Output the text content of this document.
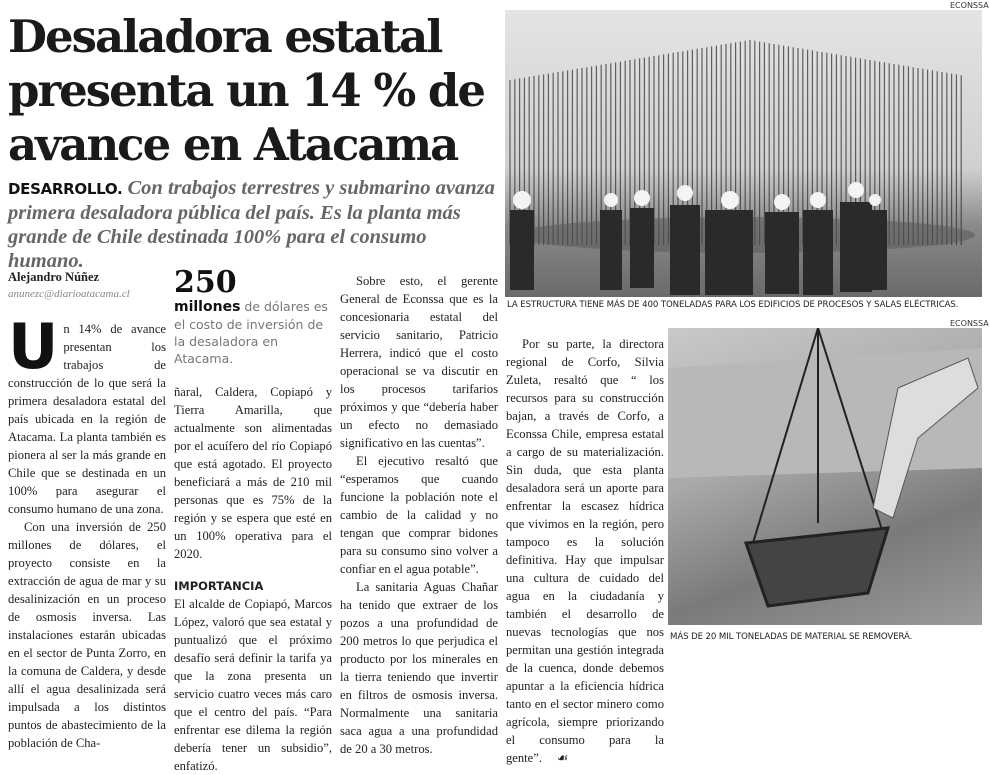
Desaladora estatal presenta un 14 % de avance en Atacama
DESARROLLO. Con trabajos terrestres y submarino avanza primera desaladora pública del país. Es la planta más grande de Chile destinada 100% para el consumo humano.
Alejandro Núñez
anunezc@diarioatacama.cl

Un 14% de avance presentan los trabajos de construcción de lo que será la primera desaladora estatal del país ubicada en la región de Atacama. La planta también es pionera al ser la más grande en Chile que se destinada en un 100% para asegurar el consumo humano de una zona.

Con una inversión de 250 millones de dólares, el proyecto consiste en la extracción de agua de mar y su desalinización en un proceso de osmosis inversa. Las instalaciones estarán ubicadas en el sector de Punta Zorro, en la comuna de Caldera, y desde allí el agua desalinizada será impulsada a los distintos puntos de abastecimiento de la población de Cha-

250
millones de dólares es el costo de inversión de la desaladora en Atacama.

ñaral, Caldera, Copiapó y Tierra Amarilla, que actualmente son alimentadas por el acuífero del río Copiapó que está agotado. El proyecto beneficiará a más de 210 mil personas que es 75% de la región y se espera que esté en un 100% operativa para el 2020.

IMPORTANCIA

El alcalde de Copiapó, Marcos López, valoró que sea estatal y puntualizó que el próximo desafío será definir la tarifa ya que la zona presenta un servicio cuatro veces más caro que el centro del país. “Para enfrentar ese dilema la región debería tener un subsidio”, enfatizó.

Sobre esto, el gerente General de Econssa que es la concesionaria estatal del servicio sanitario, Patricio Herrera, indicó que el costo operacional se va discutir en los procesos tarifarios próximos y que “debería haber un efecto no demasiado significativo en las cuentas”.

El ejecutivo resaltó que “esperamos que cuando funcione la población note el cambio de la calidad y no tengan que comprar bidones para su consumo sino volver a confiar en el agua potable”.

La sanitaria Aguas Chañar ha tenido que extraer de los pozos a una profundidad de 200 metros lo que perjudica el producto por los minerales en la tierra teniendo que invertir en filtros de osmosis inversa. Normalmente una sanitaria saca agua a una profundidad de 20 a 30 metros.

Por su parte, la directora regional de Corfo, Silvia Zuleta, resaltó que “ los recursos para su construcción bajan, a través de Corfo, a Econssa Chile, empresa estatal a cargo de su materialización. Sin duda, que esta planta desaladora será un aporte para enfrentar la escasez hídrica que vivimos en la región, pero tampoco es la solución definitiva. Hay que impulsar una cultura de cuidado del agua en la ciudadanía y también el desarrollo de nuevas tecnologías que nos permitan una gestión integrada de la cuenca, donde debemos apuntar a la eficiencia hídrica tanto en el sector minero como agrícola, siempre priorizando el consumo para la gente”. ☙

ECONSSA
LA ESTRUCTURA TIENE MÁS DE 400 TONELADAS PARA LOS EDIFICIOS DE PROCESOS Y SALAS ELÉCTRICAS.
ECONSSA
MÁS DE 20 MIL TONELADAS DE MATERIAL SE REMOVERÁ.
